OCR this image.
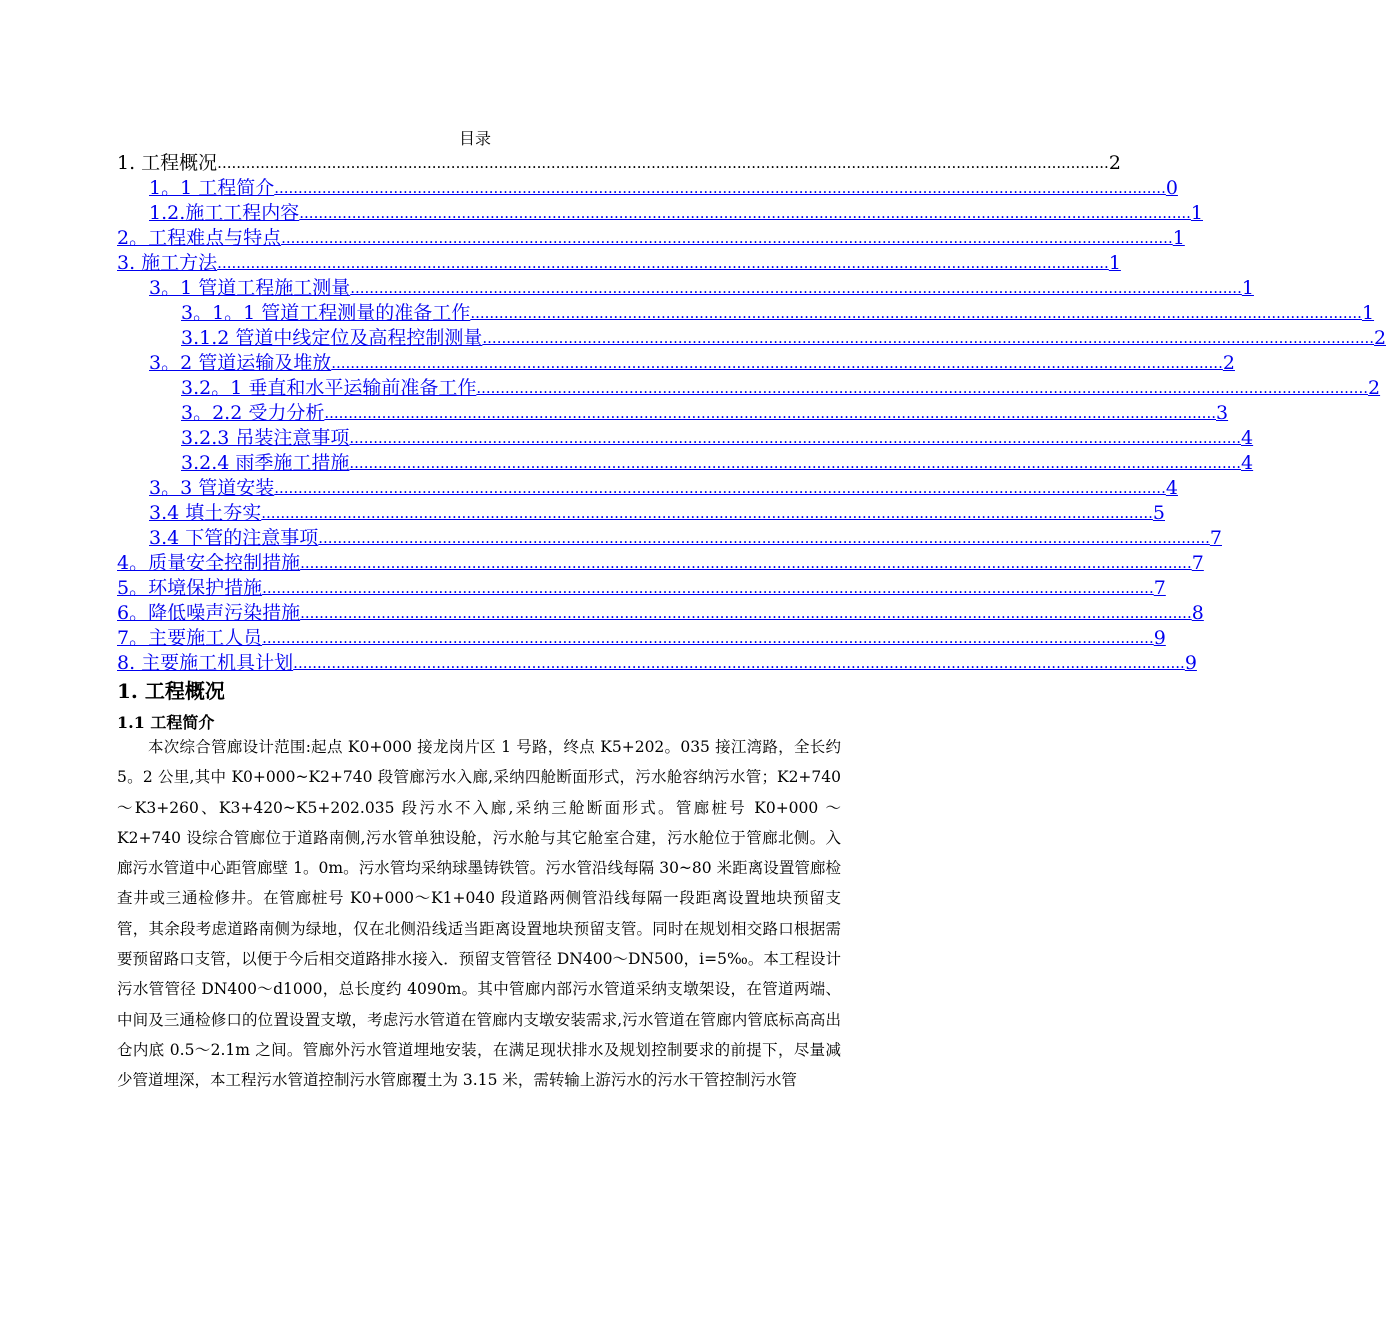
目录
1. 工程概况 ........................................................................................................................................................................................... 2
1。1 工程简介 ........................................................................................................................................................................................... 0
1.2.施工工程内容 ........................................................................................................................................................................................... 1
2。工程难点与特点 ........................................................................................................................................................................................... 1
3. 施工方法 ........................................................................................................................................................................................... 1
3。1 管道工程施工测量 ........................................................................................................................................................................................... 1
3。1。1 管道工程测量的准备工作 ........................................................................................................................................................................................... 1
3.1.2 管道中线定位及高程控制测量 ........................................................................................................................................................................................... 2
3。2 管道运输及堆放 ........................................................................................................................................................................................... 2
3.2。1 垂直和水平运输前准备工作 ........................................................................................................................................................................................... 2
3。2.2 受力分析 ........................................................................................................................................................................................... 3
3.2.3 吊装注意事项 ........................................................................................................................................................................................... 4
3.2.4 雨季施工措施 ........................................................................................................................................................................................... 4
3。3 管道安装 ........................................................................................................................................................................................... 4
3.4 填土夯实 ........................................................................................................................................................................................... 5
3.4 下管的注意事项 ........................................................................................................................................................................................... 7
4。质量安全控制措施 ........................................................................................................................................................................................... 7
5。环境保护措施 ........................................................................................................................................................................................... 7
6。降低噪声污染措施 ........................................................................................................................................................................................... 8
7。主要施工人员 ........................................................................................................................................................................................... 9
8. 主要施工机具计划 ........................................................................................................................................................................................... 9
1. 工程概况
1.1 工程简介
本次综合管廊设计范围:起点 K0+000 接龙岗片区 1 号路，终点 K5+202。035 接江湾路，全长约 5。2 公里,其中 K0+000~K2+740 段管廊污水入廊,采纳四舱断面形式，污水舱容纳污水管；K2+740～K3+260、K3+420~K5+202.035 段污水不入廊,采纳三舱断面形式。管廊桩号 K0+000 ～K2+740 设综合管廊位于道路南侧,污水管单独设舱，污水舱与其它舱室合建，污水舱位于管廊北侧。入廊污水管道中心距管廊壁 1。0m。污水管均采纳球墨铸铁管。污水管沿线每隔 30~80 米距离设置管廊检查井或三通检修井。在管廊桩号 K0+000～K1+040 段道路两侧管沿线每隔一段距离设置地块预留支管，其余段考虑道路南侧为绿地，仅在北侧沿线适当距离设置地块预留支管。同时在规划相交路口根据需要预留路口支管，以便于今后相交道路排水接入．预留支管管径 DN400～DN500，i=5‰。本工程设计污水管管径 DN400～d1000，总长度约 4090m。其中管廊内部污水管道采纳支墩架设，在管道两端、中间及三通检修口的位置设置支墩，考虑污水管道在管廊内支墩安装需求,污水管道在管廊内管底标高高出仓内底 0.5～2.1m 之间。管廊外污水管道埋地安装，在满足现状排水及规划控制要求的前提下，尽量减少管道埋深，本工程污水管道控制污水管廊覆土为 3.15 米，需转输上游污水的污水干管控制污水管
